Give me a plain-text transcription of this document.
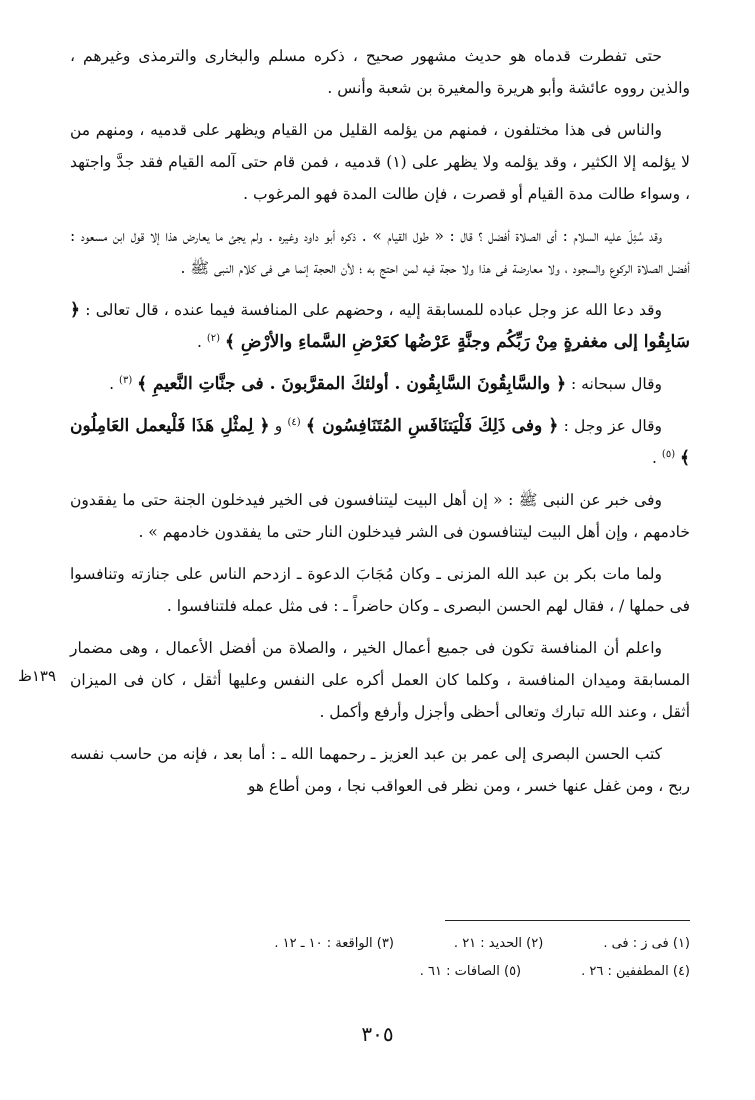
حتى تفطرت قدماه هو حديث مشهور صحيح ، ذكره مسلم والبخارى والترمذى وغيرهم ، والذين رووه عائشة وأبو هريرة والمغيرة بن شعبة وأنس .

والناس فى هذا مختلفون ، فمنهم من يؤلمه القليل من القيام ويظهر على قدميه ، ومنهم من لا يؤلمه إلا الكثير ، وقد يؤلمه ولا يظهر على (١) قدميه ، فمن قام حتى آلمه القيام فقد جدَّ واجتهد ، وسواء طالت مدة القيام أو قصرت ، فإن طالت المدة فهو المرغوب .

وقد سُئِلَ عليه السلام : أى الصلاة أفضل ؟ قال : « طول القيام » . ذكره أبو داود وغيره . ولم يجئ ما يعارض هذا إلا قول ابن مسعود : أفضل الصلاة الركوع والسجود ، ولا معارضة فى هذا ولا حجة فيه لمن احتج به ؛ لأن الحجة إنما هى فى كلام النبى ﷺ .

وقد دعا الله عز وجل عباده للمسابقة إليه ، وحضهم على المنافسة فيما عنده ، قال تعالى : ﴿ سَابِقُوا إلى مغفرةٍ مِنْ رَبِّكُم وجنَّةٍ عَرْضُها كعَرْضِ السَّماءِ والأرْضِ ﴾ $^{(٢)}$ .

وقال سبحانه : ﴿ والسَّابِقُونَ السَّابِقُون . أولئكَ المقرَّبونَ . فى جنَّاتِ النَّعيمِ ﴾ $^{(٣)}$ .

وقال عز وجل : ﴿ وفى ذَلِكَ فَلْيَتنَافَسِ المُتَنَافِسُون ﴾ $^{(٤)}$ و ﴿ لِمثْلِ هَذَا فَلْيعمل العَامِلُون ﴾ $^{(٥)}$ .

وفى خبر عن النبى ﷺ : « إن أهل البيت ليتنافسون فى الخير فيدخلون الجنة حتى ما يفقدون خادمهم ، وإن أهل البيت ليتنافسون فى الشر فيدخلون النار حتى ما يفقدون خادمهم » .

ولما مات بكر بن عبد الله المزنى ـ وكان مُجَابَ الدعوة ـ ازدحم الناس على جنازته وتنافسوا فى حملها / ، فقال لهم الحسن البصرى ـ وكان حاضراً ـ : فى مثل عمله فلتنافسوا .

واعلم أن المنافسة تكون فى جميع أعمال الخير ، والصلاة من أفضل الأعمال ، وهى مضمار المسابقة وميدان المنافسة ، وكلما كان العمل أكره على النفس وعليها أثقل ، كان فى الميزان أثقل ، وعند الله تبارك وتعالى أحظى وأجزل وأرفع وأكمل .

كتب الحسن البصرى إلى عمر بن عبد العزيز ـ رحمهما الله ـ : أما بعد ، فإنه من حاسب نفسه ربح ، ومن غفل عنها خسر ، ومن نظر فى العواقب نجا ، ومن أطاع هو

١٣٩ظ
(١) فى ز : فى .
(٢) الحديد : ٢١ .
(٣) الواقعة : ١٠ ـ ١٢ .
(٤) المطففين : ٢٦ .
(٥) الصافات : ٦١ .
٣٠٥
